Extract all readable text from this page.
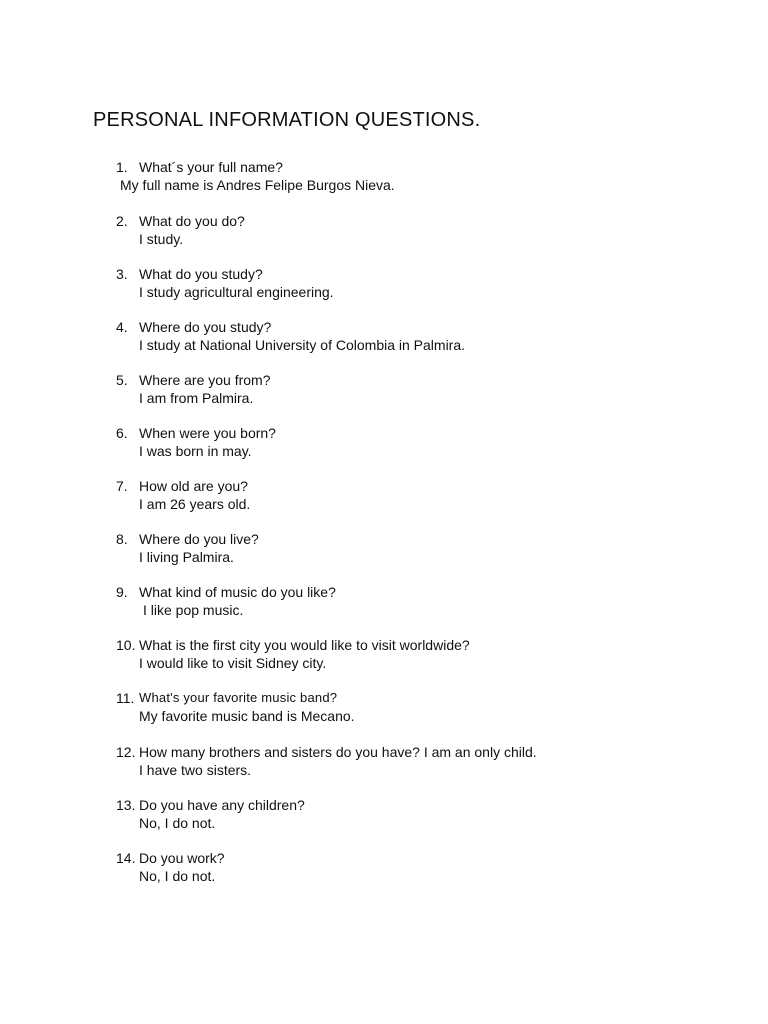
PERSONAL INFORMATION QUESTIONS.
1. What´s your full name?
My full name is Andres Felipe Burgos Nieva.
2. What do you do?
I study.
3. What do you study?
I study agricultural engineering.
4. Where do you study?
I study at National University of Colombia in Palmira.
5. Where are you from?
I am from Palmira.
6. When were you born?
I was born in may.
7. How old are you?
I am 26 years old.
8. Where do you live?
I living Palmira.
9. What kind of music do you like?
I like pop music.
10. What is the first city you would like to visit worldwide?
I would like to visit Sidney city.
11. What's your favorite music band?
My favorite music band is Mecano.
12. How many brothers and sisters do you have? I am an only child.
I have two sisters.
13. Do you have any children?
No, I do not.
14. Do you work?
No, I do not.
